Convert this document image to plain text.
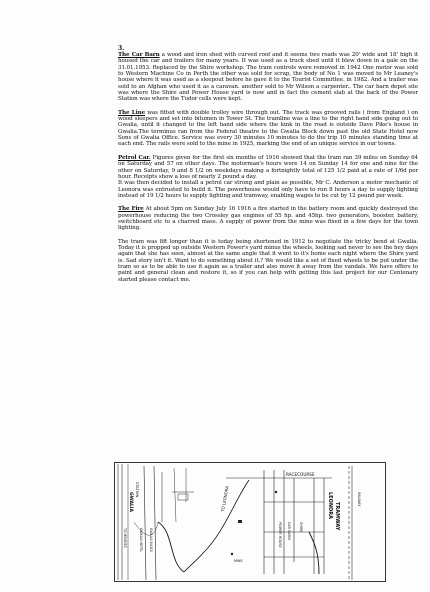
3.

The Car Barn a wood and iron shed with curved roof and it seems two roads was 20' wide and 18' high it housed the car and trailers for many years. It was used as a truck shed until it blew down in a gale on the 31.01.1953. Replaced by the Shire workshop. The tram controls were removed in 1942 One motor was sold to Western Machine Co in Perth the other was sold for scrap, the body of No 1 was moved to Mr Leaney's house where it was used as a sleepout before he gave it to the Tourist Committee. in 1982. And a trailer was sold to an Afghan who used it as a caravan. another sold to Mr Wilson a carpenter.. The car barn depot site was where the Shire and Power House yard is now and in fact the cement slab at the back of the Power Station was where the Tudor cells were kept.

The Line was fitted with double trolley wire through out. The track was grooved rails ( from England ) on wood sleepers and set into bitumen in Tower St. The tramline was a line to the right hand side going out to Gwalia, until it changed to the left hand side where the kink in the road is outside Dave Pike's house in Gwalia.The terminus ran from the Federal theatre to the Gwalia Block down past the old State Hotel now Sons of Gwalia Office. Service was every 30 minutes 10 minutes to do the trip 10 minutes standing time at each end. The rails were sold to the mine in 1925, marking the end of an unique service in our towns.

Petrol Car. Figures given for the first six months of 1916 showed that the tram ran 39 miles on Sunday 64 on Saturday and 57 on other days. The motorman's hours were 14 on Sunday 14 for one and nine for the other on Saturday, 9 and 8 1/2 on weekdays making a fortnightly total of 125 1/2 paid at a rate of 1/6d per hour. Receipts show a loss of nearly 2 pound a day.
It was then decided to install a petrol car strong and plain as possible, Mr C. Anderson a motor mechanic of Leonora was entrusted to build it. The powerhouse would only have to run 8 hours a day to supply lighting instead of 19 1/2 hours to supply lighting and tramway, enabling wages to be cut by 12 pound per week.

The Fire At about 5pm on Sunday July 16 1916 a fire started in the battery room and quickly destroyed the powerhouse reducing the two Crossley gas engines of 55 hp. and 45hp. two generators, booster, battery, switchboard etc to a charred mass. A supply of power from the mine was fixed in a few days for the town lighting.

The tram was 8ft longer than it is today being shortened in 1912 to negotiate the tricky bend at Gwalia. Today it is propped up outside Western Power's yard minus the wheels, looking sad never to see the hey days again that she has seen, almost at the same angle that it went to it's home each night where the Shire yard is. Sad story isn't it. Want to do something about it.? We would like a set of fixed wheels to be put under the tram so as to be able to use it again as a trailer and also move it away from the vandals. We have offers to paint and general clean and restore it, so if you can help with getting this last project for our Centenary started please contact me.

RACECOURSE
GWALIA
STATION	TO LEONORA	LEONORA TRAMWAY
POWER HOUSE CAR BARN SHIRE
MINE
RAILWAY
GWALIA BLOCK
GWALIA HOTEL
TO MENZIES
